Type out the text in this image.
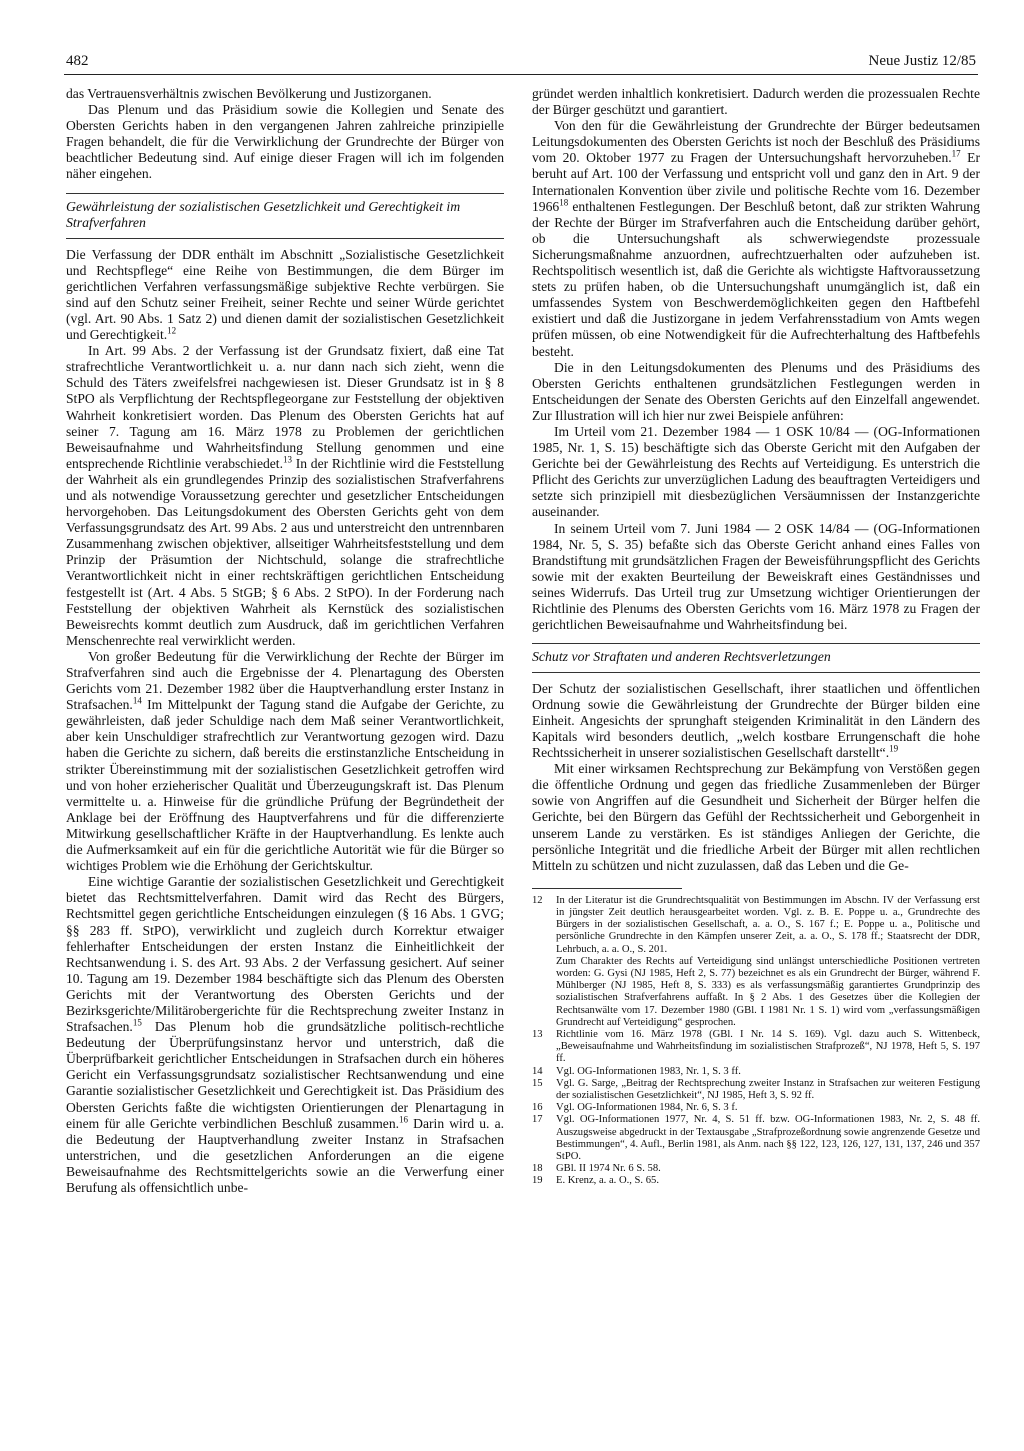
482	Neue Justiz 12/85

das Vertrauensverhältnis zwischen Bevölkerung und Justizorganen.

Das Plenum und das Präsidium sowie die Kollegien und Senate des Obersten Gerichts haben in den vergangenen Jahren zahlreiche prinzipielle Fragen behandelt, die für die Verwirklichung der Grundrechte der Bürger von beachtlicher Bedeutung sind. Auf einige dieser Fragen will ich im folgenden näher eingehen.

Gewährleistung der sozialistischen Gesetzlichkeit und Gerechtigkeit im Strafverfahren

Die Verfassung der DDR enthält im Abschnitt „Sozialistische Gesetzlichkeit und Rechtspflege“ eine Reihe von Bestimmungen, die dem Bürger im gerichtlichen Verfahren verfassungsmäßige subjektive Rechte verbürgen. Sie sind auf den Schutz seiner Freiheit, seiner Rechte und seiner Würde gerichtet (vgl. Art. 90 Abs. 1 Satz 2) und dienen damit der sozialistischen Gesetzlichkeit und Gerechtigkeit.$^{12}$

In Art. 99 Abs. 2 der Verfassung ist der Grundsatz fixiert, daß eine Tat strafrechtliche Verantwortlichkeit u. a. nur dann nach sich zieht, wenn die Schuld des Täters zweifelsfrei nachgewiesen ist. Dieser Grundsatz ist in § 8 StPO als Verpflichtung der Rechtspflegeorgane zur Feststellung der objektiven Wahrheit konkretisiert worden. Das Plenum des Obersten Gerichts hat auf seiner 7. Tagung am 16. März 1978 zu Problemen der gerichtlichen Beweisaufnahme und Wahrheitsfindung Stellung genommen und eine entsprechende Richtlinie verabschiedet.$^{13}$ In der Richtlinie wird die Feststellung der Wahrheit als ein grundlegendes Prinzip des sozialistischen Strafverfahrens und als notwendige Voraussetzung gerechter und gesetzlicher Entscheidungen hervorgehoben. Das Leitungsdokument des Obersten Gerichts geht von dem Verfassungsgrundsatz des Art. 99 Abs. 2 aus und unterstreicht den untrennbaren Zusammenhang zwischen objektiver, allseitiger Wahrheitsfeststellung und dem Prinzip der Präsumtion der Nichtschuld, solange die strafrechtliche Verantwortlichkeit nicht in einer rechtskräftigen gerichtlichen Entscheidung festgestellt ist (Art. 4 Abs. 5 StGB; § 6 Abs. 2 StPO). In der Forderung nach Feststellung der objektiven Wahrheit als Kernstück des sozialistischen Beweisrechts kommt deutlich zum Ausdruck, daß im gerichtlichen Verfahren Menschenrechte real verwirklicht werden.

Von großer Bedeutung für die Verwirklichung der Rechte der Bürger im Strafverfahren sind auch die Ergebnisse der 4. Plenartagung des Obersten Gerichts vom 21. Dezember 1982 über die Hauptverhandlung erster Instanz in Strafsachen.$^{14}$ Im Mittelpunkt der Tagung stand die Aufgabe der Gerichte, zu gewährleisten, daß jeder Schuldige nach dem Maß seiner Verantwortlichkeit, aber kein Unschuldiger strafrechtlich zur Verantwortung gezogen wird. Dazu haben die Gerichte zu sichern, daß bereits die erstinstanzliche Entscheidung in strikter Übereinstimmung mit der sozialistischen Gesetzlichkeit getroffen wird und von hoher erzieherischer Qualität und Überzeugungskraft ist. Das Plenum vermittelte u. a. Hinweise für die gründliche Prüfung der Begründetheit der Anklage bei der Eröffnung des Hauptverfahrens und für die differenzierte Mitwirkung gesellschaftlicher Kräfte in der Hauptverhandlung. Es lenkte auch die Aufmerksamkeit auf ein für die gerichtliche Autorität wie für die Bürger so wichtiges Problem wie die Erhöhung der Gerichtskultur.

Eine wichtige Garantie der sozialistischen Gesetzlichkeit und Gerechtigkeit bietet das Rechtsmittelverfahren. Damit wird das Recht des Bürgers, Rechtsmittel gegen gerichtliche Entscheidungen einzulegen (§ 16 Abs. 1 GVG; §§ 283 ff. StPO), verwirklicht und zugleich durch Korrektur etwaiger fehlerhafter Entscheidungen der ersten Instanz die Einheitlichkeit der Rechtsanwendung i. S. des Art. 93 Abs. 2 der Verfassung gesichert. Auf seiner 10. Tagung am 19. Dezember 1984 beschäftigte sich das Plenum des Obersten Gerichts mit der Verantwortung des Obersten Gerichts und der Bezirksgerichte/Militärobergerichte für die Rechtsprechung zweiter Instanz in Strafsachen.$^{15}$ Das Plenum hob die grundsätzliche politisch-rechtliche Bedeutung der Überprüfungsinstanz hervor und unterstrich, daß die Überprüfbarkeit gerichtlicher Entscheidungen in Strafsachen durch ein höheres Gericht ein Verfassungsgrundsatz sozialistischer Rechtsanwendung und eine Garantie sozialistischer Gesetzlichkeit und Gerechtigkeit ist. Das Präsidium des Obersten Gerichts faßte die wichtigsten Orientierungen der Plenartagung in einem für alle Gerichte verbindlichen Beschluß zusammen.$^{16}$ Darin wird u. a. die Bedeutung der Hauptverhandlung zweiter Instanz in Strafsachen unterstrichen, und die gesetzlichen Anforderungen an die eigene Beweisaufnahme des Rechtsmittelgerichts sowie an die Verwerfung einer Berufung als offensichtlich unbe-

gründet werden inhaltlich konkretisiert. Dadurch werden die prozessualen Rechte der Bürger geschützt und garantiert.

Von den für die Gewährleistung der Grundrechte der Bürger bedeutsamen Leitungsdokumenten des Obersten Gerichts ist noch der Beschluß des Präsidiums vom 20. Oktober 1977 zu Fragen der Untersuchungshaft hervorzuheben.$^{17}$ Er beruht auf Art. 100 der Verfassung und entspricht voll und ganz den in Art. 9 der Internationalen Konvention über zivile und politische Rechte vom 16. Dezember 1966$^{18}$ enthaltenen Festlegungen. Der Beschluß betont, daß zur strikten Wahrung der Rechte der Bürger im Strafverfahren auch die Entscheidung darüber gehört, ob die Untersuchungshaft als schwerwiegendste prozessuale Sicherungsmaßnahme anzuordnen, aufrechtzuerhalten oder aufzuheben ist. Rechtspolitisch wesentlich ist, daß die Gerichte als wichtigste Haftvoraussetzung stets zu prüfen haben, ob die Untersuchungshaft unumgänglich ist, daß ein umfassendes System von Beschwerdemöglichkeiten gegen den Haftbefehl existiert und daß die Justizorgane in jedem Verfahrensstadium von Amts wegen prüfen müssen, ob eine Notwendigkeit für die Aufrechterhaltung des Haftbefehls besteht.

Die in den Leitungsdokumenten des Plenums und des Präsidiums des Obersten Gerichts enthaltenen grundsätzlichen Festlegungen werden in Entscheidungen der Senate des Obersten Gerichts auf den Einzelfall angewendet. Zur Illustration will ich hier nur zwei Beispiele anführen:

Im Urteil vom 21. Dezember 1984 — 1 OSK 10/84 — (OG-Informationen 1985, Nr. 1, S. 15) beschäftigte sich das Oberste Gericht mit den Aufgaben der Gerichte bei der Gewährleistung des Rechts auf Verteidigung. Es unterstrich die Pflicht des Gerichts zur unverzüglichen Ladung des beauftragten Verteidigers und setzte sich prinzipiell mit diesbezüglichen Versäumnissen der Instanzgerichte auseinander.

In seinem Urteil vom 7. Juni 1984 — 2 OSK 14/84 — (OG-Informationen 1984, Nr. 5, S. 35) befaßte sich das Oberste Gericht anhand eines Falles von Brandstiftung mit grundsätzlichen Fragen der Beweisführungspflicht des Gerichts sowie mit der exakten Beurteilung der Beweiskraft eines Geständnisses und seines Widerrufs. Das Urteil trug zur Umsetzung wichtiger Orientierungen der Richtlinie des Plenums des Obersten Gerichts vom 16. März 1978 zu Fragen der gerichtlichen Beweisaufnahme und Wahrheitsfindung bei.

Schutz vor Straftaten und anderen Rechtsverletzungen

Der Schutz der sozialistischen Gesellschaft, ihrer staatlichen und öffentlichen Ordnung sowie die Gewährleistung der Grundrechte der Bürger bilden eine Einheit. Angesichts der sprunghaft steigenden Kriminalität in den Ländern des Kapitals wird besonders deutlich, „welch kostbare Errungenschaft die hohe Rechtssicherheit in unserer sozialistischen Gesellschaft darstellt“.$^{19}$

Mit einer wirksamen Rechtsprechung zur Bekämpfung von Verstößen gegen die öffentliche Ordnung und gegen das friedliche Zusammenleben der Bürger sowie von Angriffen auf die Gesundheit und Sicherheit der Bürger helfen die Gerichte, bei den Bürgern das Gefühl der Rechtssicherheit und Geborgenheit in unserem Lande zu verstärken. Es ist ständiges Anliegen der Gerichte, die persönliche Integrität und die friedliche Arbeit der Bürger mit allen rechtlichen Mitteln zu schützen und nicht zuzulassen, daß das Leben und die Ge-

12	In der Literatur ist die Grundrechtsqualität von Bestimmungen im Abschn. IV der Verfassung erst in jüngster Zeit deutlich herausgearbeitet worden. Vgl. z. B. E. Poppe u. a., Grundrechte des Bürgers in der sozialistischen Gesellschaft, a. a. O., S. 167 f.; E. Poppe u. a., Politische und persönliche Grundrechte in den Kämpfen unserer Zeit, a. a. O., S. 178 ff.; Staatsrecht der DDR, Lehrbuch, a. a. O., S. 201.
Zum Charakter des Rechts auf Verteidigung sind unlängst unterschiedliche Positionen vertreten worden: G. Gysi (NJ 1985, Heft 2, S. 77) bezeichnet es als ein Grundrecht der Bürger, während F. Mühlberger (NJ 1985, Heft 8, S. 333) es als verfassungsmäßig garantiertes Grundprinzip des sozialistischen Strafverfahrens auffaßt. In § 2 Abs. 1 des Gesetzes über die Kollegien der Rechtsanwälte vom 17. Dezember 1980 (GBl. I 1981 Nr. 1 S. 1) wird vom „verfassungsmäßigen Grundrecht auf Verteidigung“ gesprochen.
13	Richtlinie vom 16. März 1978 (GBl. I Nr. 14 S. 169). Vgl. dazu auch S. Wittenbeck, „Beweisaufnahme und Wahrheitsfindung im sozialistischen Strafprozeß“, NJ 1978, Heft 5, S. 197 ff.
14	Vgl. OG-Informationen 1983, Nr. 1, S. 3 ff.
15	Vgl. G. Sarge, „Beitrag der Rechtsprechung zweiter Instanz in Strafsachen zur weiteren Festigung der sozialistischen Gesetzlichkeit“, NJ 1985, Heft 3, S. 92 ff.
16	Vgl. OG-Informationen 1984, Nr. 6, S. 3 f.
17	Vgl. OG-Informationen 1977, Nr. 4, S. 51 ff. bzw. OG-Informationen 1983, Nr. 2, S. 48 ff. Auszugsweise abgedruckt in der Textausgabe „Strafprozeßordnung sowie angrenzende Gesetze und Bestimmungen“, 4. Aufl., Berlin 1981, als Anm. nach §§ 122, 123, 126, 127, 131, 137, 246 und 357 StPO.
18	GBl. II 1974 Nr. 6 S. 58.
19	E. Krenz, a. a. O., S. 65.
